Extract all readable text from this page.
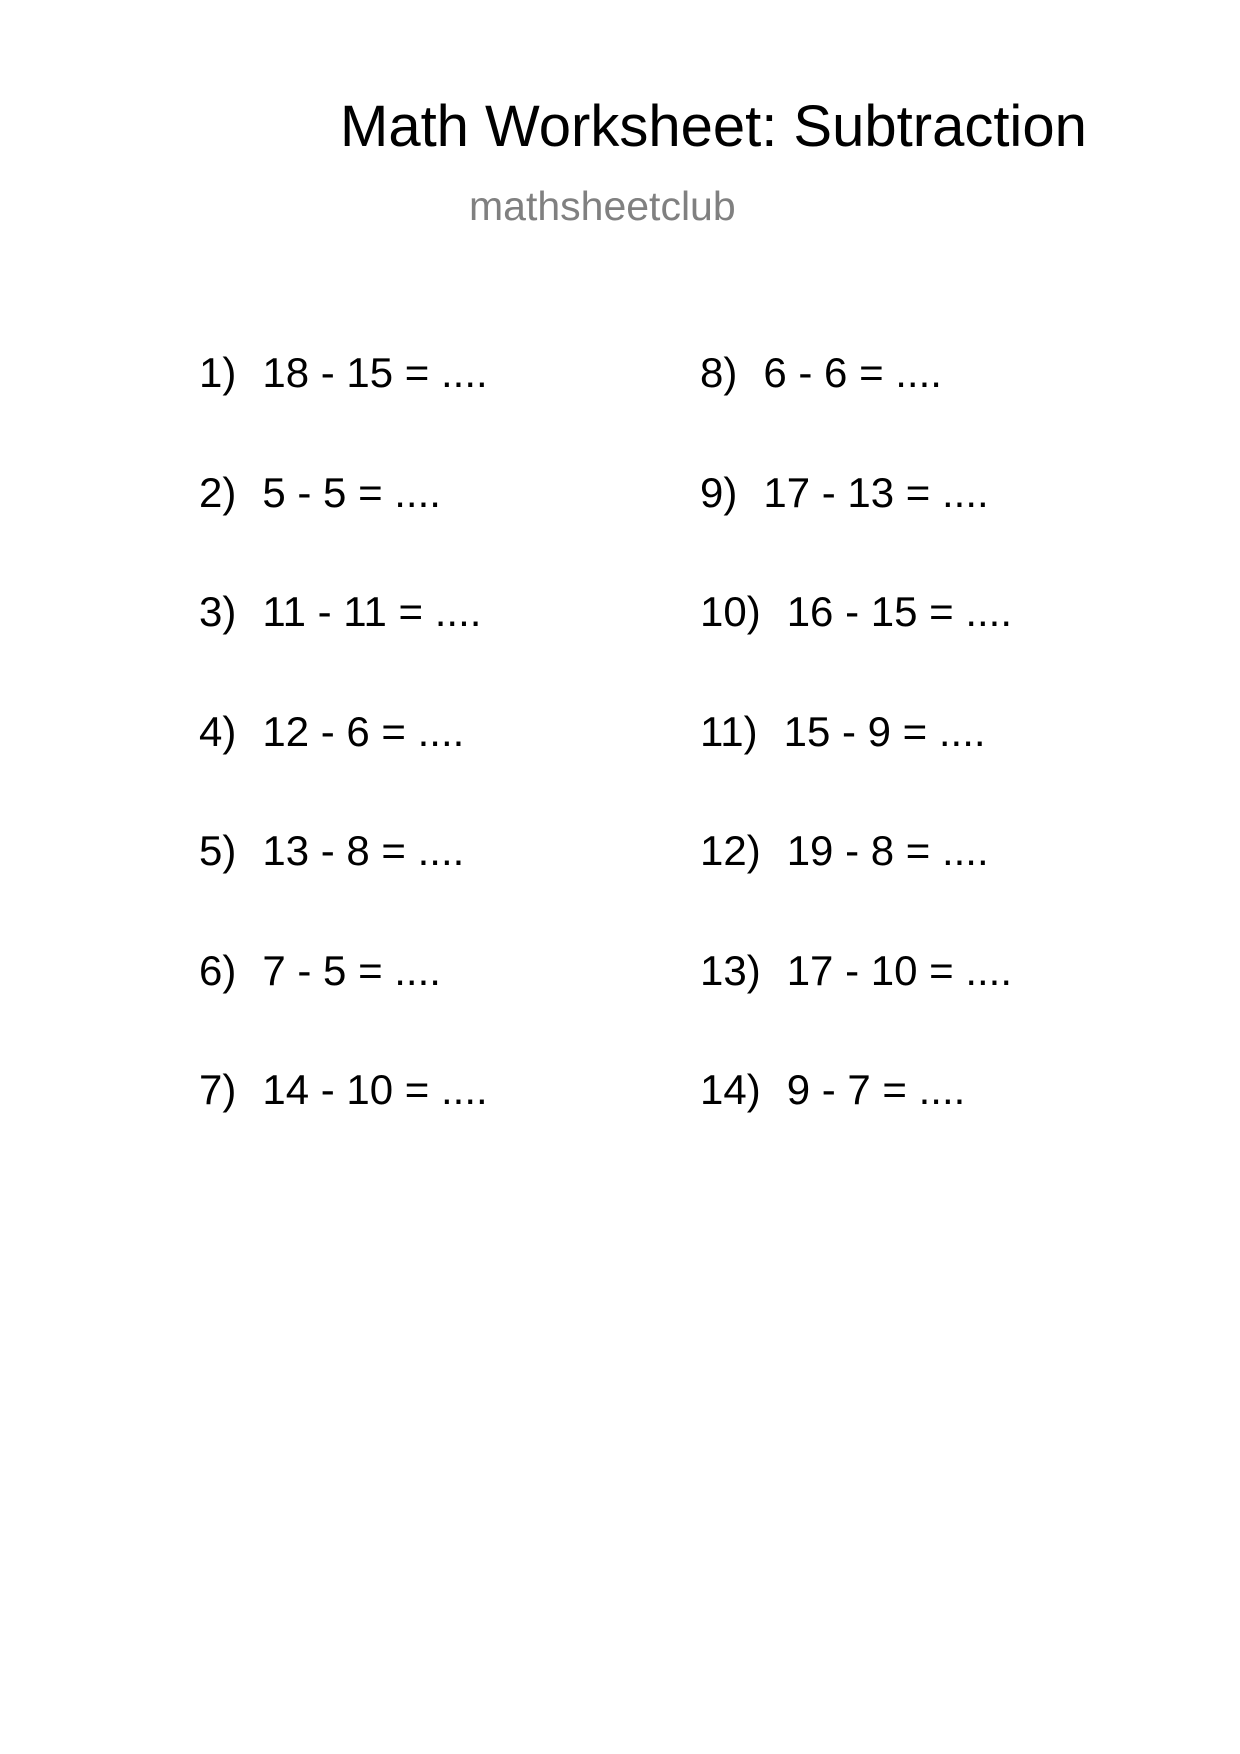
Math Worksheet: Subtraction
mathsheetclub
1) 18 - 15 = ....
2) 5 - 5 = ....
3) 11 - 11 = ....
4) 12 - 6 = ....
5) 13 - 8 = ....
6) 7 - 5 = ....
7) 14 - 10 = ....
8) 6 - 6 = ....
9) 17 - 13 = ....
10) 16 - 15 = ....
11) 15 - 9 = ....
12) 19 - 8 = ....
13) 17 - 10 = ....
14) 9 - 7 = ....
